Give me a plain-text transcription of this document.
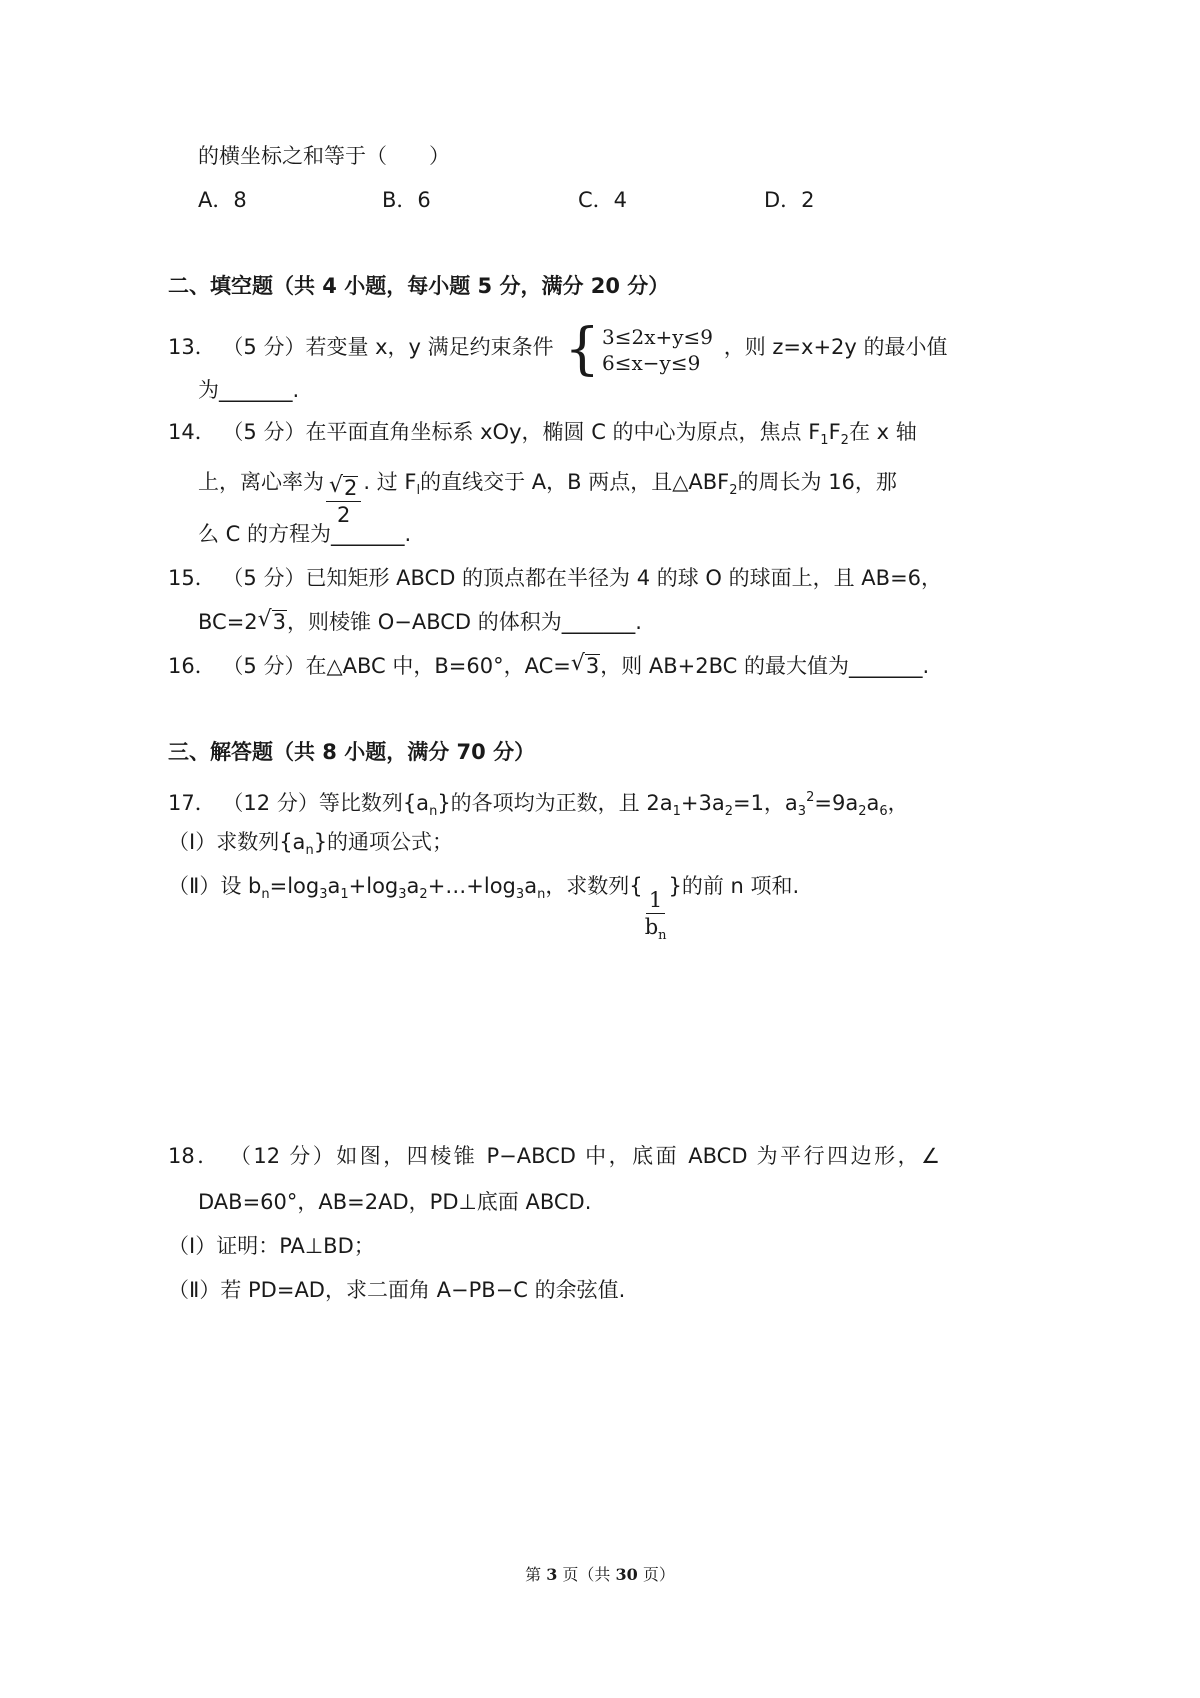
的横坐标之和等于（　　）
A．8	B．6	C．4	D．2
二、填空题（共 4 小题，每小题 5 分，满分 20 分）
13． （5 分）若变量 x，y 满足约束条件 { 3≤2x+y≤9
6≤x−y≤9
，则 z=x+2y 的最小值
为_______.
14． （5 分）在平面直角坐标系 xOy，椭圆 C 的中心为原点，焦点 $F_1F_2$在 x 轴
上，离心率为 $\frac{√ 2}{2}$ . 过 $F_l$的直线交于 A，B 两点，且$\triangle ABF_2$的周长为 16，那
么 C 的方程为_______.
15． （5 分）已知矩形 ABCD 的顶点都在半径为 4 的球 O 的球面上，且 AB=6，
BC=2 √ 3，则棱锥 O−ABCD 的体积为_______.
16． （5 分）在△ABC 中，B=60°，AC= √ 3，则 AB+2BC 的最大值为_______.
三、解答题（共 8 小题，满分 70 分）
17． （12 分）等比数列$\{a_n\}$的各项均为正数，且 $2a_1+3a_2=1$，$a_3^2=9a_2a_6$，
（Ⅰ）求数列$\{a_n\}$的通项公式；
（Ⅱ）设 $b_n=\log_3a_1+\log_3a_2+\dots+\log_3a_n$，求数列{
$\frac{1}{b_n}$
}的前 n 项和.
18． （12 分）如图，四棱锥 P−ABCD 中，底面 ABCD 为平行四边形，∠
DAB=60°，AB=2AD，PD⊥底面 ABCD.
（Ⅰ）证明：PA⊥BD；
（Ⅱ）若 PD=AD，求二面角 A−PB−C 的余弦值.
第 3 页（共 30 页）
